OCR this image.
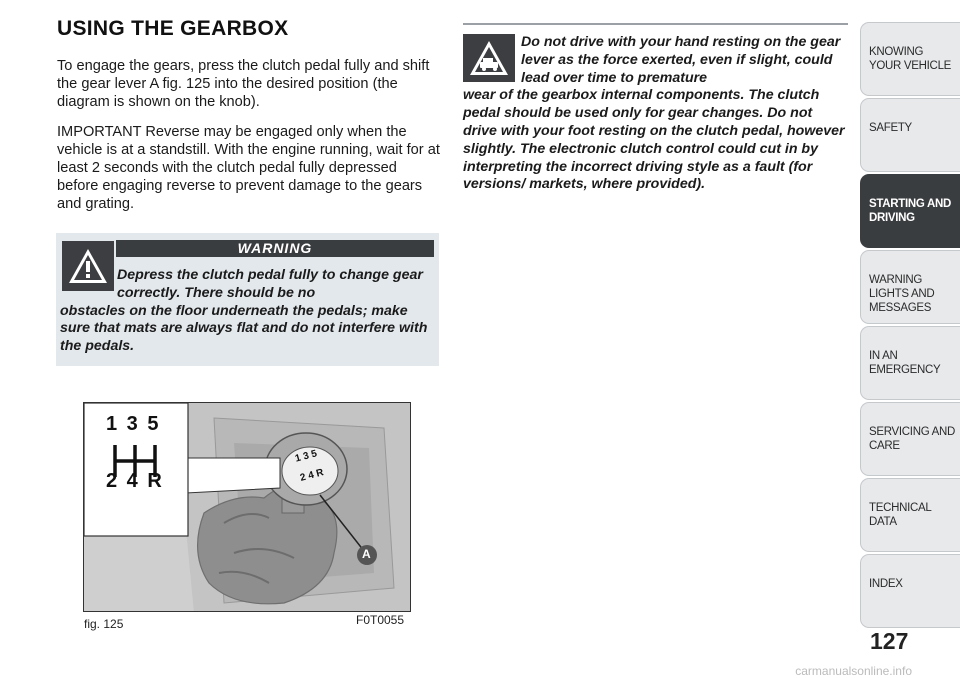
USING THE GEARBOX
To engage the gears, press the clutch pedal fully and shift the gear lever A fig. 125 into the desired position (the diagram is shown on the knob).
IMPORTANT Reverse may be engaged only when the vehicle is at a standstill. With the engine running, wait for at least 2 seconds with the clutch pedal fully depressed before engaging reverse to prevent damage to the gears and grating.
WARNING
Depress the clutch pedal fully to change gear correctly. There should be no
obstacles on the floor underneath the pedals; make sure that mats are always flat and do not interfere with the pedals.
1 3 5
2 4 R
1 3 5
2 4 R
A
fig. 125	F0T0055
Do not drive with your hand resting on the gear lever as the force exerted, even if slight, could lead over time to premature
wear of the gearbox internal components. The clutch pedal should be used only for gear changes. Do not drive with your foot resting on the clutch pedal, however slightly. The electronic clutch control could cut in by interpreting the incorrect driving style as a fault (for versions/ markets, where provided).
KNOWING YOUR VEHICLE
SAFETY
STARTING AND DRIVING
WARNING LIGHTS AND MESSAGES
IN AN EMERGENCY
SERVICING AND CARE
TECHNICAL DATA
INDEX
127
carmanualsonline.info
